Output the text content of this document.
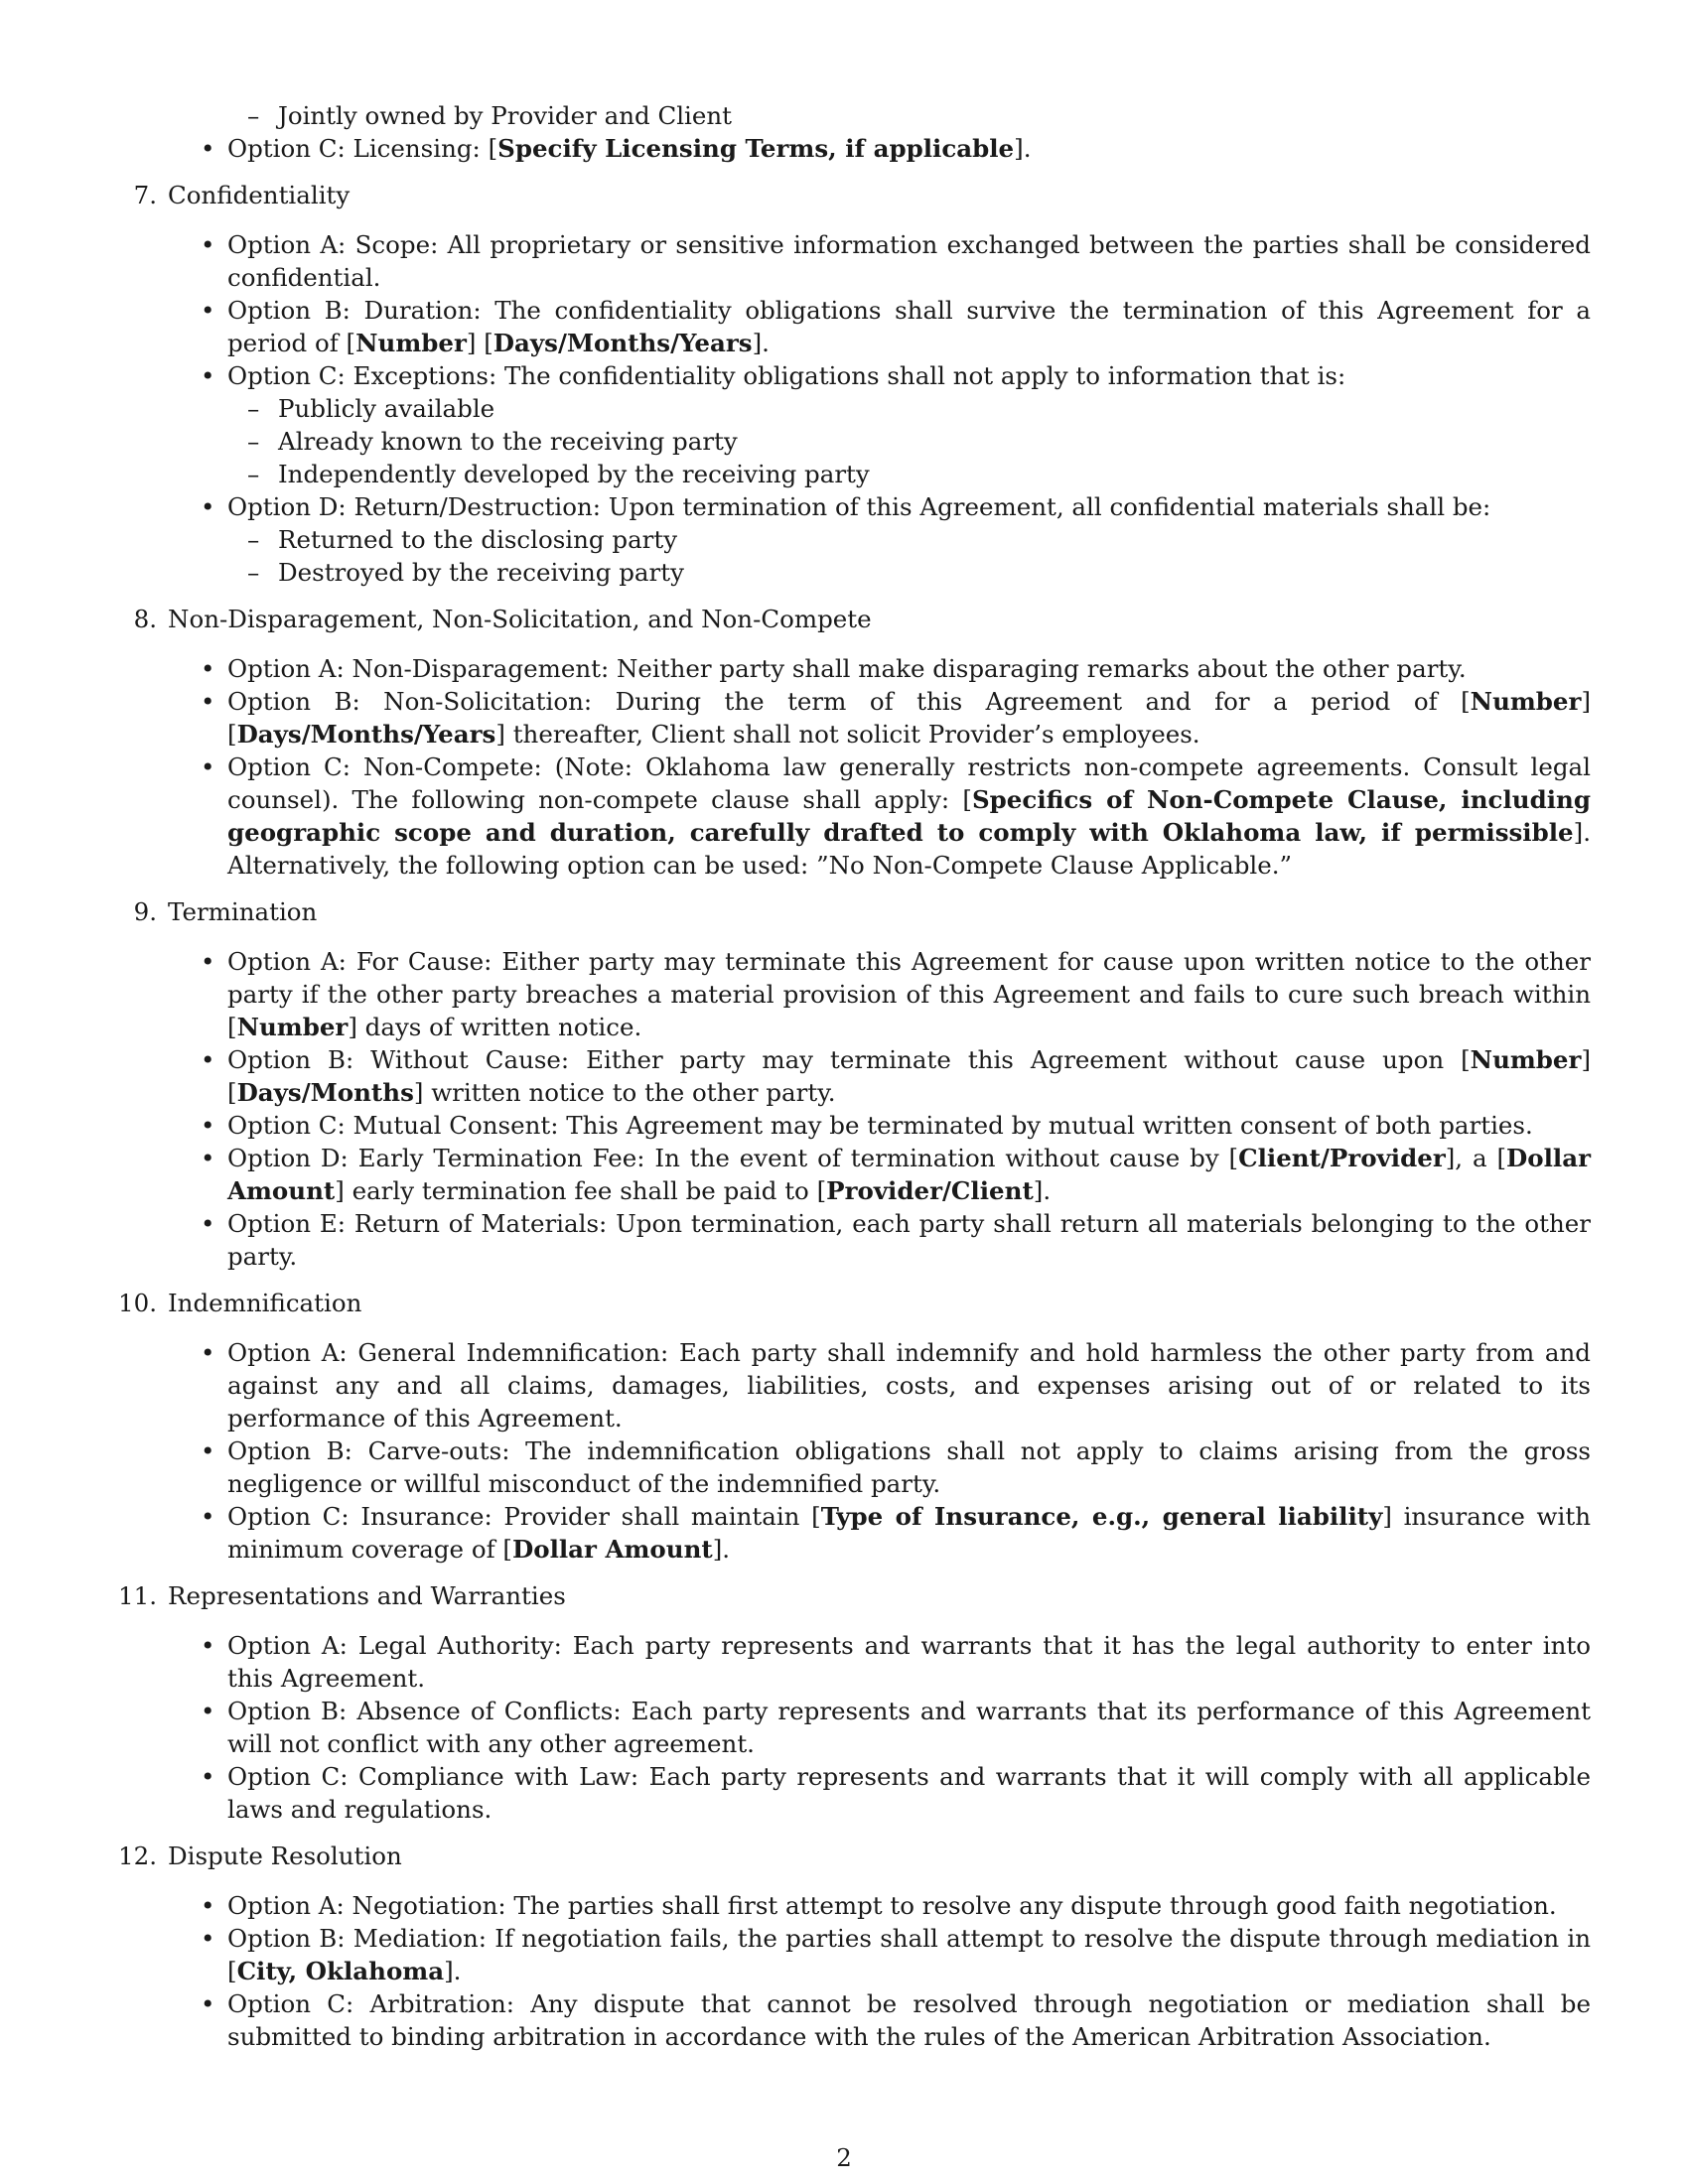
– Jointly owned by Provider and Client
• Option C: Licensing: [Specify Licensing Terms, if applicable].
7. Confidentiality
• Option A: Scope: All proprietary or sensitive information exchanged between the parties shall be considered confidential.
• Option B: Duration: The confidentiality obligations shall survive the termination of this Agreement for a period of [Number] [Days/Months/Years].
• Option C: Exceptions: The confidentiality obligations shall not apply to information that is:
– Publicly available
– Already known to the receiving party
– Independently developed by the receiving party
• Option D: Return/Destruction: Upon termination of this Agreement, all confidential materials shall be:
– Returned to the disclosing party
– Destroyed by the receiving party
8. Non-Disparagement, Non-Solicitation, and Non-Compete
• Option A: Non-Disparagement: Neither party shall make disparaging remarks about the other party.
• Option B: Non-Solicitation: During the term of this Agreement and for a period of [Number] [Days/Months/Years] thereafter, Client shall not solicit Provider’s employees.
• Option C: Non-Compete: (Note: Oklahoma law generally restricts non-compete agreements. Consult legal counsel). The following non-compete clause shall apply: [Specifics of Non-Compete Clause, including geographic scope and duration, carefully drafted to comply with Oklahoma law, if permissible]. Alternatively, the following option can be used: ”No Non-Compete Clause Applicable.”
9. Termination
• Option A: For Cause: Either party may terminate this Agreement for cause upon written notice to the other party if the other party breaches a material provision of this Agreement and fails to cure such breach within [Number] days of written notice.
• Option B: Without Cause: Either party may terminate this Agreement without cause upon [Number] [Days/Months] written notice to the other party.
• Option C: Mutual Consent: This Agreement may be terminated by mutual written consent of both parties.
• Option D: Early Termination Fee: In the event of termination without cause by [Client/Provider], a [Dollar Amount] early termination fee shall be paid to [Provider/Client].
• Option E: Return of Materials: Upon termination, each party shall return all materials belonging to the other party.
10. Indemnification
• Option A: General Indemnification: Each party shall indemnify and hold harmless the other party from and against any and all claims, damages, liabilities, costs, and expenses arising out of or related to its performance of this Agreement.
• Option B: Carve-outs: The indemnification obligations shall not apply to claims arising from the gross negligence or willful misconduct of the indemnified party.
• Option C: Insurance: Provider shall maintain [Type of Insurance, e.g., general liability] insurance with minimum coverage of [Dollar Amount].
11. Representations and Warranties
• Option A: Legal Authority: Each party represents and warrants that it has the legal authority to enter into this Agreement.
• Option B: Absence of Conflicts: Each party represents and warrants that its performance of this Agreement will not conflict with any other agreement.
• Option C: Compliance with Law: Each party represents and warrants that it will comply with all applicable laws and regulations.
12. Dispute Resolution
• Option A: Negotiation: The parties shall first attempt to resolve any dispute through good faith negotiation.
• Option B: Mediation: If negotiation fails, the parties shall attempt to resolve the dispute through mediation in [City, Oklahoma].
• Option C: Arbitration: Any dispute that cannot be resolved through negotiation or mediation shall be submitted to binding arbitration in accordance with the rules of the American Arbitration Association.
2
